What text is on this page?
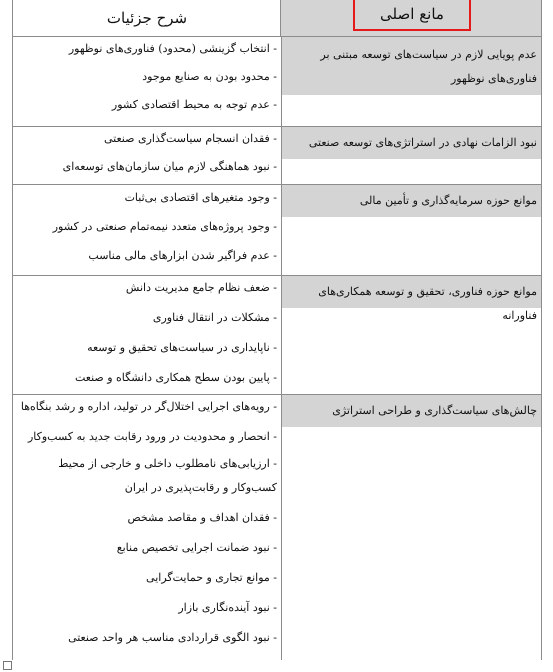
مانع اصلی
شرح جزئیات
عدم پویایی لازم در سیاست‌های توسعه مبتنی بر فناوری‌های نوظهور
- انتخاب گزینشی (محدود) فناوری‌های نوظهور
- محدود بودن به صنایع موجود
- عدم توجه به محیط اقتصادی کشور
نبود الزامات نهادی در استراتژی‌های توسعه صنعتی
- فقدان انسجام سیاست‌گذاری صنعتی
- نبود هماهنگی لازم میان سازمان‌های توسعه‌ای
موانع حوزه سرمایه‌گذاری و تأمین مالی
- وجود متغیرهای اقتصادی بی‌ثبات
- وجود پروژه‌های متعدد نیمه‌تمام صنعتی در کشور
- عدم فراگیر شدن ابزارهای مالی مناسب
موانع حوزه فناوری، تحقیق و توسعه همکاری‌های فناورانه
- ضعف نظام جامع مدیریت دانش
- مشکلات در انتقال فناوری
- ناپایداری در سیاست‌های تحقیق و توسعه
- پایین بودن سطح همکاری دانشگاه و صنعت
چالش‌های سیاست‌گذاری و طراحی استراتژی
- رویه‌های اجرایی اختلال‌گر در تولید، اداره و رشد بنگاه‌ها
- انحصار و محدودیت در ورود رقابت جدید به کسب‌وکار
- ارزیابی‌های نامطلوب داخلی و خارجی از محیط کسب‌وکار و رقابت‌پذیری در ایران
- فقدان اهداف و مقاصد مشخص
- نبود ضمانت اجرایی تخصیص منابع
- موانع تجاری و حمایت‌گرایی
- نبود آینده‌نگاری بازار
- نبود الگوی قراردادی مناسب هر واحد صنعتی
